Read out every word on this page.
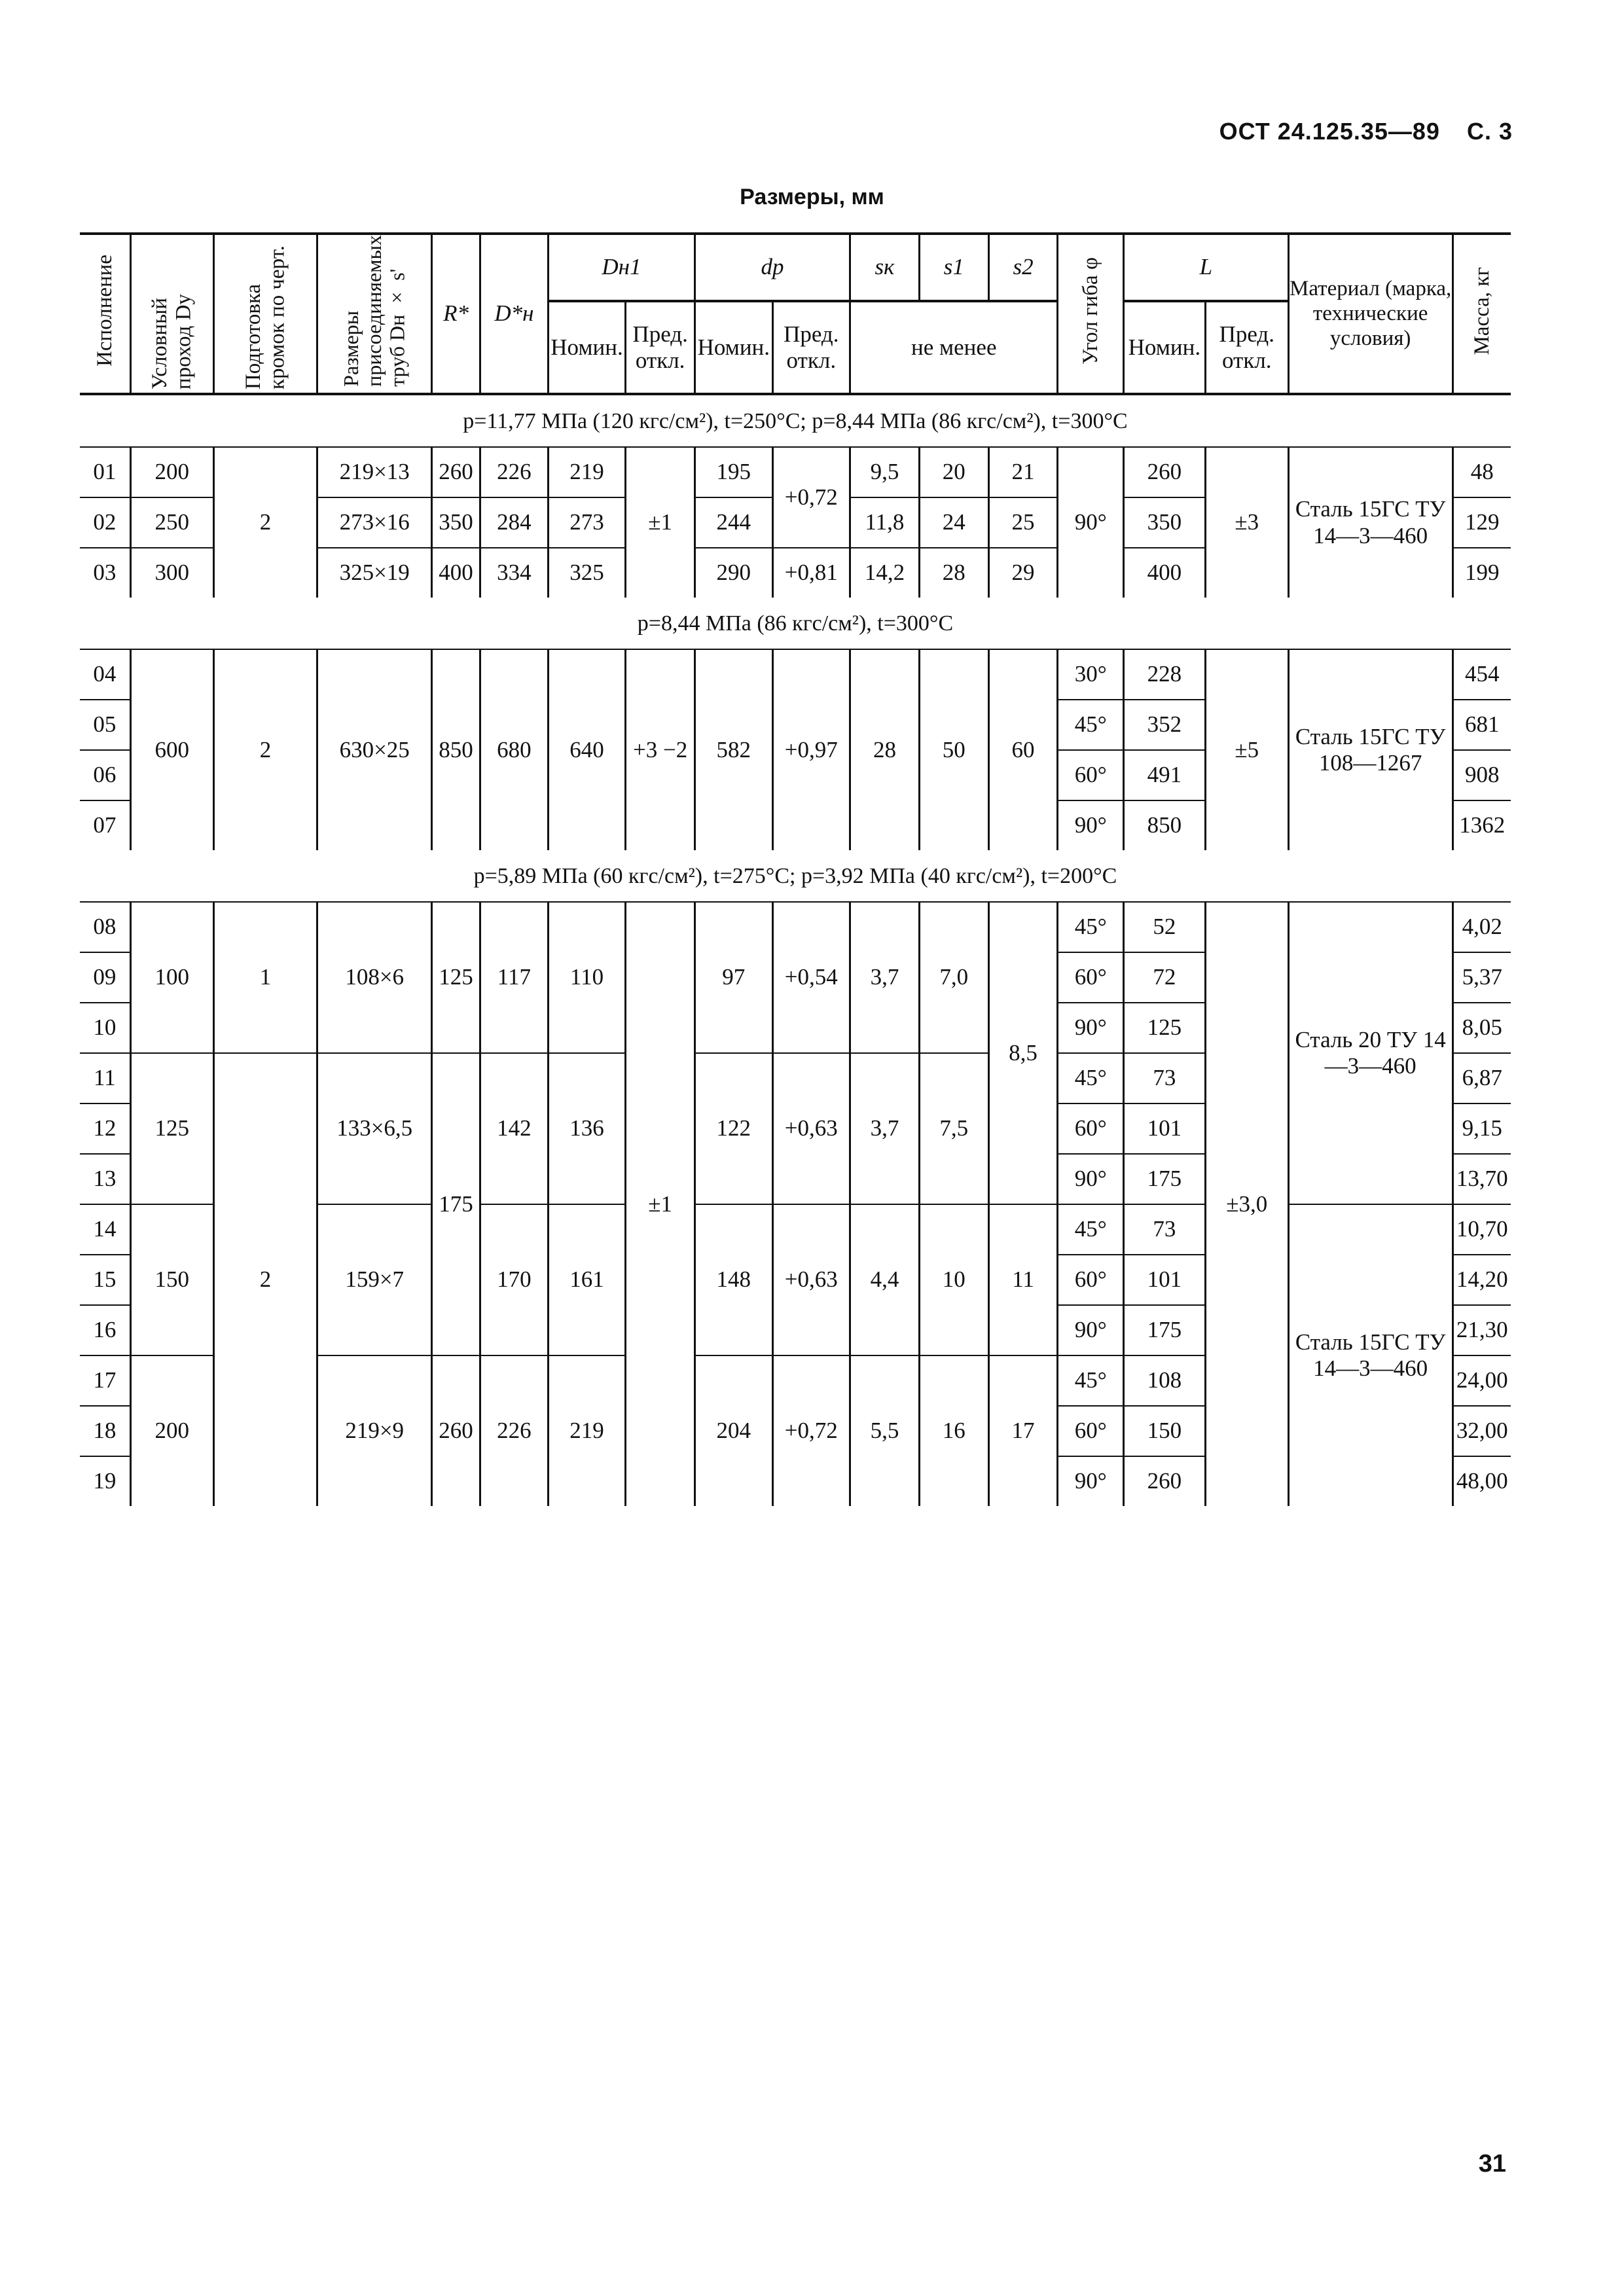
ОСТ 24.125.35—89 С. 3
Размеры, мм
Исполнение	Условный проход Dу	Подготовка кромок по черт.	Размеры присоединяемых труб Dн × s'	R*	D*н	Dн1		dр		sк	s1	s2	Угол гиба φ	L		Материал (марка, технические условия)	Масса, кг
						Номин.	Пред. откл.	Номин.	Пред. откл.	не менее				Номин.	Пред. откл.		
p=11,77 МПа (120 кгс/см²), t=250°С; p=8,44 МПа (86 кгс/см²), t=300°С																	
01	200	2	219×13	260	226	219	±1	195	+0,72	9,5	20	21	90°	260	±3	Сталь 15ГС ТУ 14—3—460	48
02	250		273×16	350	284	273		244		11,8	24	25		350			129
03	300		325×19	400	334	325		290	+0,81	14,2	28	29		400			199
p=8,44 МПа (86 кгс/см²), t=300°С																	
04	600	2	630×25	850	680	640	+3 −2	582	+0,97	28	50	60	30°	228	±5	Сталь 15ГС ТУ 108—1267	454
05													45°	352			681
06													60°	491			908
07													90°	850			1362
p=5,89 МПа (60 кгс/см²), t=275°С; p=3,92 МПа (40 кгс/см²), t=200°С																	
08	100	1	108×6	125	117	110	±1	97	+0,54	3,7	7,0	8,5	45°	52	±3,0	Сталь 20 ТУ 14—3—460	4,02
09													60°	72			5,37
10													90°	125			8,05
11	125	2	133×6,5	175	142	136		122	+0,63	3,7	7,5		45°	73			6,87
12													60°	101			9,15
13													90°	175			13,70
14	150		159×7		170	161		148	+0,63	4,4	10	11	45°	73		Сталь 15ГС ТУ 14—3—460	10,70
15													60°	101			14,20
16													90°	175			21,30
17	200		219×9	260	226	219		204	+0,72	5,5	16	17	45°	108			24,00
18													60°	150			32,00
19													90°	260			48,00
31
